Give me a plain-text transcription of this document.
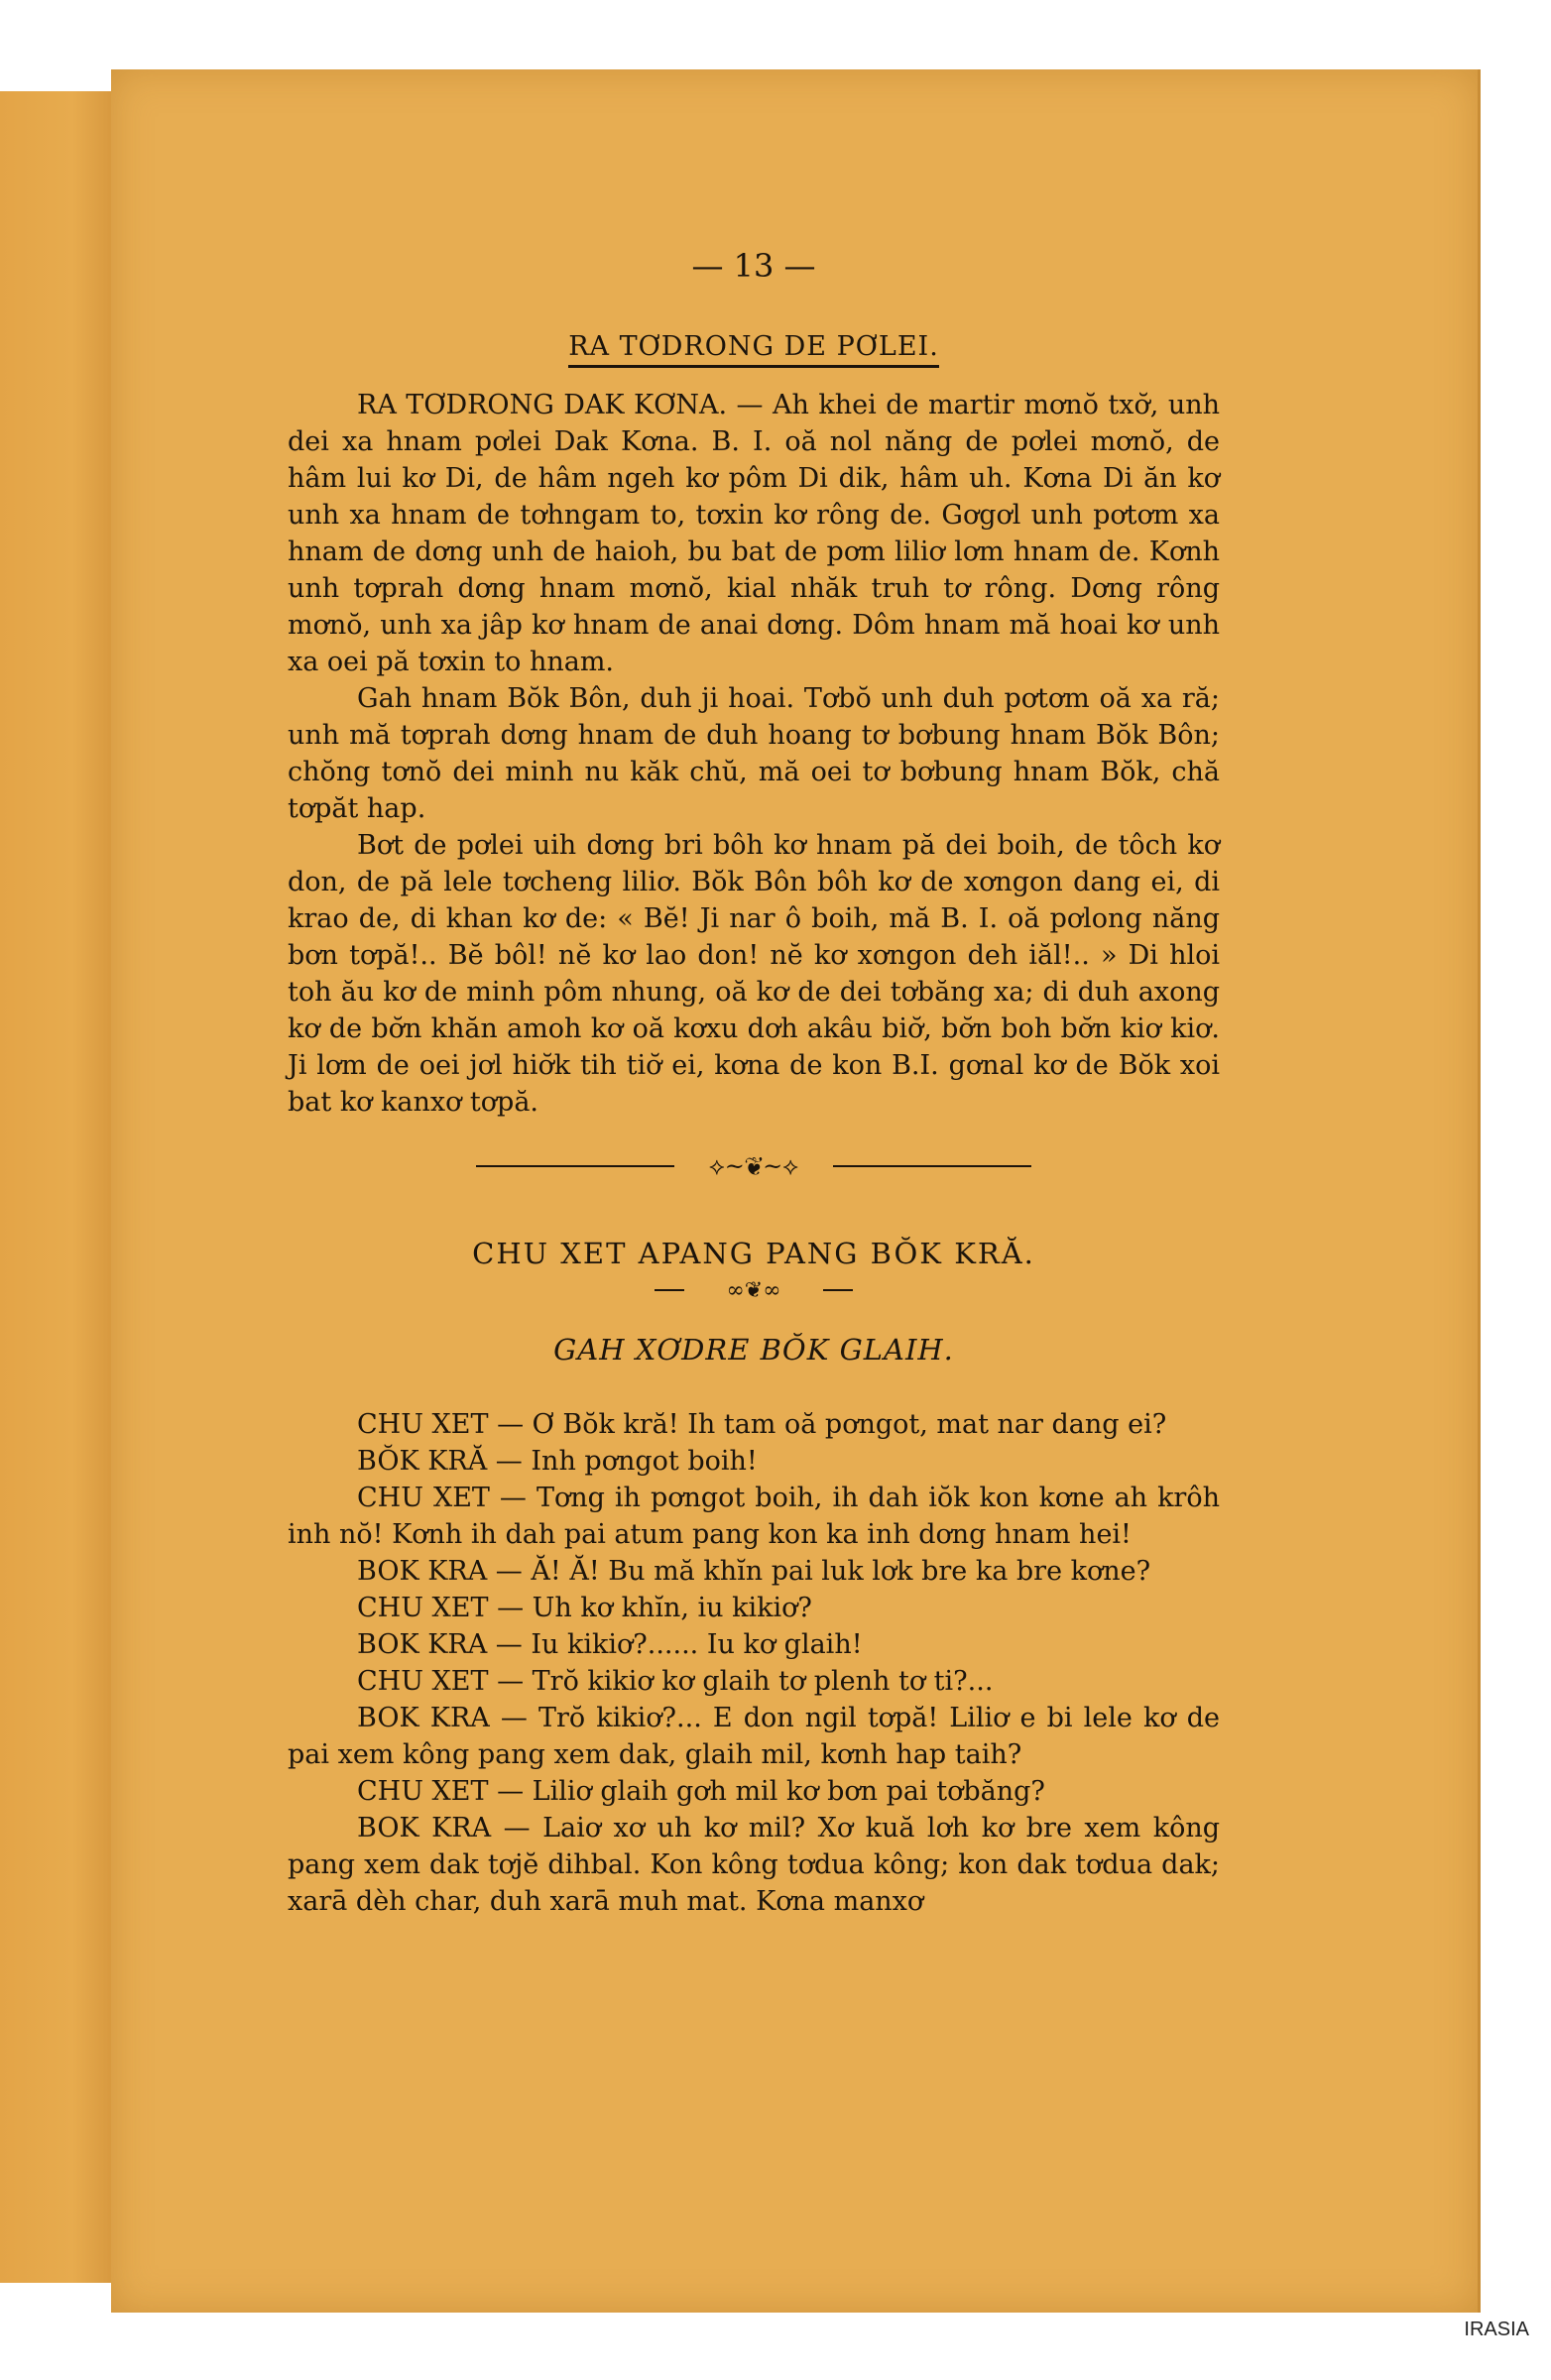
— 13 —
RA TƠDRONG DE PƠLEI.

RA TƠDRONG DAK KƠNA. — Ah khei de martir mơnŏ txơ̆, unh dei xa hnam pơlei Dak Kơna. B. I. oă nol năng de pơlei mơnŏ, de hâm lui kơ Di, de hâm ngeh kơ pôm Di dik, hâm uh. Kơna Di ăn kơ unh xa hnam de tơhngam to, tơxin kơ rông de. Gơgơl unh pơtơm xa hnam de dơng unh de haioh, bu bat de pơm liliơ lơm hnam de. Kơnh unh tơprah dơng hnam mơnŏ, kial nhăk truh tơ rông. Dơng rông mơnŏ, unh xa jâp kơ hnam de anai dơng. Dôm hnam mă hoai kơ unh xa oei pă tơxin to hnam.

Gah hnam Bŏk Bôn, duh ji hoai. Tơbŏ unh duh pơtơm oă xa ră; unh mă tơprah dơng hnam de duh hoang tơ bơbung hnam Bŏk Bôn; chŏng tơnŏ dei minh nu kăk chŭ, mă oei tơ bơbung hnam Bŏk, chă tơpăt hap.

Bơt de pơlei uih dơng bri bôh kơ hnam pă dei boih, de tôch kơ don, de pă lele tơcheng liliơ. Bŏk Bôn bôh kơ de xơngon dang ei, di krao de, di khan kơ de: « Bĕ! Ji nar ô boih, mă B. I. oă pơlong năng bơn tơpă!.. Bĕ bôl! nĕ kơ lao don! nĕ kơ xơngon deh iăl!.. » Di hloi toh ău kơ de minh pôm nhung, oă kơ de dei tơbăng xa; di duh axong kơ de bơ̆n khăn amoh kơ oă kơxu dơh akâu biơ̆, bơ̆n boh bơ̆n kiơ kiơ. Ji lơm de oei jơl hiơ̆k tih tiơ̆ ei, kơna de kon B.I. gơnal kơ de Bŏk xoi bat kơ kanxơ tơpă.

⟡~❦~⟡
CHU XET APANG PANG BŎK KRĂ.
∞❦∞
GAH XƠDRE BŎK GLAIH.

CHU XET — Ơ Bŏk kră! Ih tam oă pơngot, mat nar dang ei?

BŎK KRĂ — Inh pơngot boih!

CHU XET — Tơng ih pơngot boih, ih dah iŏk kon kơne ah krôh inh nŏ! Kơnh ih dah pai atum pang kon ka inh dơng hnam hei!

BOK KRA — Ă! Ă! Bu mă khĭn pai luk lơk bre ka bre kơne?

CHU XET — Uh kơ khĭn, iu kikiơ?

BOK KRA — Iu kikiơ?...... Iu kơ glaih!

CHU XET — Trŏ kikiơ kơ glaih tơ plenh tơ ti?...

BOK KRA — Trŏ kikiơ?... E don ngil tơpă! Liliơ e bi lele kơ de pai xem kông pang xem dak, glaih mil, kơnh hap taih?

CHU XET — Liliơ glaih gơh mil kơ bơn pai tơbăng?

BOK KRA — Laiơ xơ uh kơ mil? Xơ kuă lơh kơ bre xem kông pang xem dak tơjĕ dihbal. Kon kông tơdua kông; kon dak tơdua dak; xarā dèh char, duh xarā muh mat. Kơna manxơ

IRASIA
